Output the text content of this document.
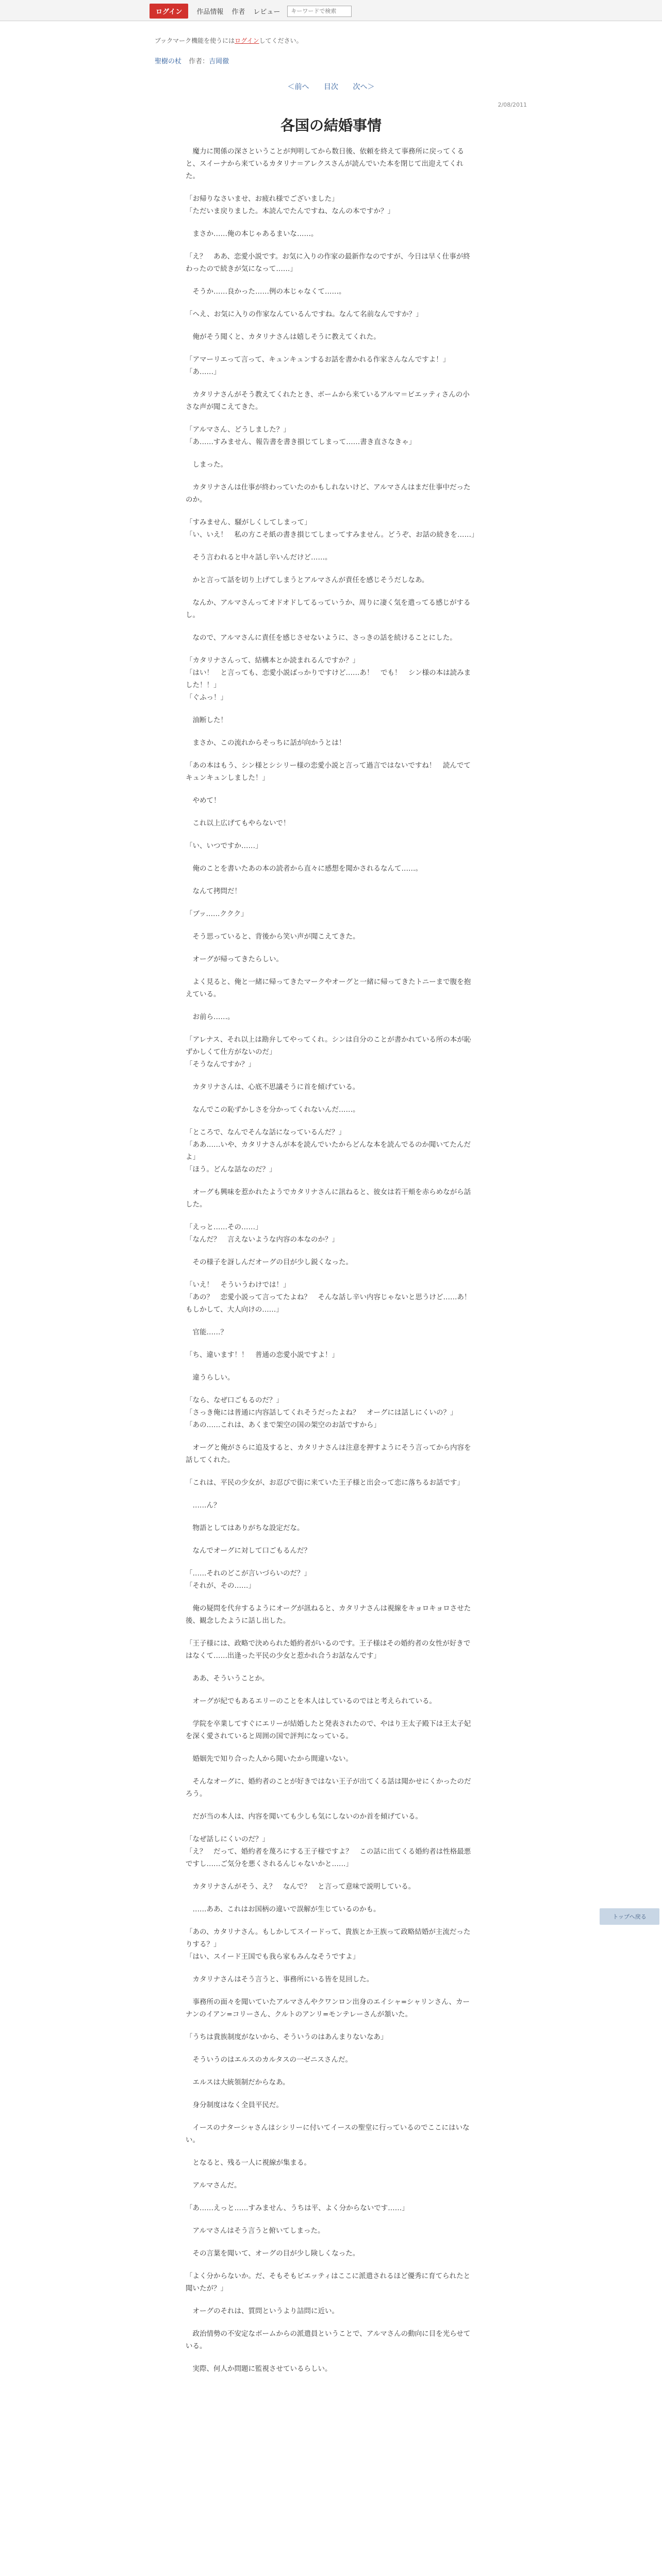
ログイン	作品情報 作者 レビュー
キーワードで検索
ブックマーク機能を使うにはログインしてください。
聖樹の杖 作者：吉岡徹
＜前へ 目次 次へ＞
2/08/2011
各国の結婚事情

　魔力に関係の深さということが判明してから数日後、依頼を終えて事務所に戻ってくると、スイーナから来ているカタリナ＝アレクスさんが読んでいた本を閉じて出迎えてくれた。

「お帰りなさいませ、お疲れ様でございました」
「ただいま戻りました。本読んでたんですね、なんの本ですか？」

　まさか……俺の本じゃあるまいな……。

「え？　ああ、恋愛小説です。お気に入りの作家の最新作なのですが、今日は早く仕事が終わったので続きが気になって……」

　そうか……良かった……例の本じゃなくて……。

「へえ、お気に入りの作家なんているんですね。なんて名前なんですか？」

　俺がそう聞くと、カタリナさんは嬉しそうに教えてくれた。

「アマーリエって言って、キュンキュンするお話を書かれる作家さんなんですよ！」
「あ……」

　カタリナさんがそう教えてくれたとき、ボームから来ているアルマ＝ビエッティさんの小さな声が聞こえてきた。

「アルマさん、どうしました？」
「あ……すみません、報告書を書き損じてしまって……書き直さなきゃ」

　しまった。

　カタリナさんは仕事が終わっていたのかもしれないけど、アルマさんはまだ仕事中だったのか。

「すみません、騒がしくしてしまって」
「い、いえ！　私の方こそ紙の書き損じてしまってすみません。どうぞ、お話の続きを……」

　そう言われると中々話し辛いんだけど……。

　かと言って話を切り上げてしまうとアルマさんが責任を感じそうだしなあ。

　なんか、アルマさんってオドオドしてるっていうか、周りに凄く気を遣ってる感じがするし。

　なので、アルマさんに責任を感じさせないように、さっきの話を続けることにした。

「カタリナさんって、結構本とか読まれるんですか？」
「はい！　と言っても、恋愛小説ばっかりですけど……あ！　でも！　シン様の本は読みました！！」
「ぐふっ！」

　油断した！

　まさか、この流れからそっちに話が向かうとは！

「あの本はもう、シン様とシシリー様の恋愛小説と言って過言ではないですね！　読んでてキュンキュンしました！」

　やめて！

　これ以上広げてもやらないで！

「い、いつですか……」

　俺のことを書いたあの本の読者から直々に感想を聞かされるなんて……。

　なんて拷問だ！

「ブッ……ククク」

　そう思っていると、背後から笑い声が聞こえてきた。

　オーグが帰ってきたらしい。

　よく見ると、俺と一緒に帰ってきたマークやオーグと一緒に帰ってきたトニーまで腹を抱えている。

　お前ら……。

「アレナス、それ以上は勘弁してやってくれ。シンは自分のことが書かれている所の本が恥ずかしくて仕方がないのだ」
「そうなんですか？」

　カタリナさんは、心底不思議そうに首を傾げている。

　なんでこの恥ずかしさを分かってくれないんだ……。

「ところで、なんでそんな話になっているんだ？」
「ああ……いや、カタリナさんが本を読んでいたからどんな本を読んでるのか聞いてたんだよ」
「ほう。どんな話なのだ？」

　オーグも興味を惹かれたようでカタリナさんに訊ねると、彼女は若干頬を赤らめながら話した。

「えっと……その……」
「なんだ？　言えないような内容の本なのか？」

　その様子を訝しんだオーグの目が少し鋭くなった。

「いえ！　そういうわけでは！」
「あの？　恋愛小説って言ってたよね？　そんな話し辛い内容じゃないと思うけど……あ！　もしかして、大人向けの……」

　官能……？

「ち、違います！！　普通の恋愛小説ですよ！」

　違うらしい。

「なら、なぜ口ごもるのだ？」
「さっき俺には普通に内容話してくれそうだったよね？　オーグには話しにくいの？」
「あの……これは、あくまで架空の国の架空のお話ですから」

　オーグと俺がさらに追及すると、カタリナさんは注意を押すようにそう言ってから内容を話してくれた。

「これは、平民の少女が、お忍びで街に来ていた王子様と出会って恋に落ちるお話です」

　……ん？

　物語としてはありがちな設定だな。

　なんでオーグに対して口ごもるんだ？

「……それのどこが言いづらいのだ？」
「それが、その……」

　俺の疑問を代弁するようにオーグが訊ねると、カタリナさんは視線をキョロキョロさせた後、観念したように話し出した。

「王子様には、政略で決められた婚約者がいるのです。王子様はその婚約者の女性が好きではなくて……出逢った平民の少女と惹かれ合うお話なんです」

　ああ、そういうことか。

　オーグが紀でもあるエリーのことを本人はしているのではと考えられている。

　学院を卒業してすぐにエリーが結婚したと発表されたので、やはり王太子殿下は王太子妃を深く愛されていると周囲の国で評判になっている。

　婚姻先で知り合った人から聞いたから間違いない。

　そんなオーグに、婚約者のことが好きではない王子が出てくる話は聞かせにくかったのだろう。

　だが当の本人は、内容を聞いても少しも気にしないのか首を傾げている。

「なぜ話しにくいのだ？」
「え？　だって、婚約者を蔑ろにする王子様ですよ？　この話に出てくる婚約者は性格最悪ですし……ご気分を悪くされるんじゃないかと……」

　カタリナさんがそう、え？　なんで？　と言って意味で説明している。

　……ああ、これはお国柄の違いで誤解が生じているのかも。

「あの、カタリナさん。もしかしてスイードって、貴族とか王族って政略結婚が主流だったりする？」
「はい、スイード王国でも我ら家もみんなそうですよ」

　カタリナさんはそう言うと、事務所にいる皆を見回した。

　事務所の面々を聞いていたアルマさんやクワンロン出身のエイシャ=シャリンさん、カーナンのイアン=コリーさん、クルトのアンリ=モンテレーさんが頷いた。

「うちは貴族制度がないから、そういうのはあんまりないなあ」

　そういうのはエルスのカルタスの一ゼニスさんだ。

　エルスは大統領制だからなあ。

　身分制度はなく全員平民だ。

　イースのナターシャさんはシシリーに付いてイースの聖堂に行っているのでここにはいない。

　となると、残る一人に視線が集まる。

　アルマさんだ。

「あ……えっと……すみません、うちは平、よく分からないです……」

　アルマさんはそう言うと俯いてしまった。

　その言葉を聞いて、オーグの目が少し険しくなった。

「よく分からないか。だ、そもそもビエッティはここに派遣されるほど優秀に育てられたと聞いたが？」

　オーグのそれは、質問というより詰問に近い。

　政治情勢の不安定なボームからの派遣員ということで、アルマさんの動向に目を光らせている。

　実際、何人か問題に監視させているらしい。

トップへ戻る
